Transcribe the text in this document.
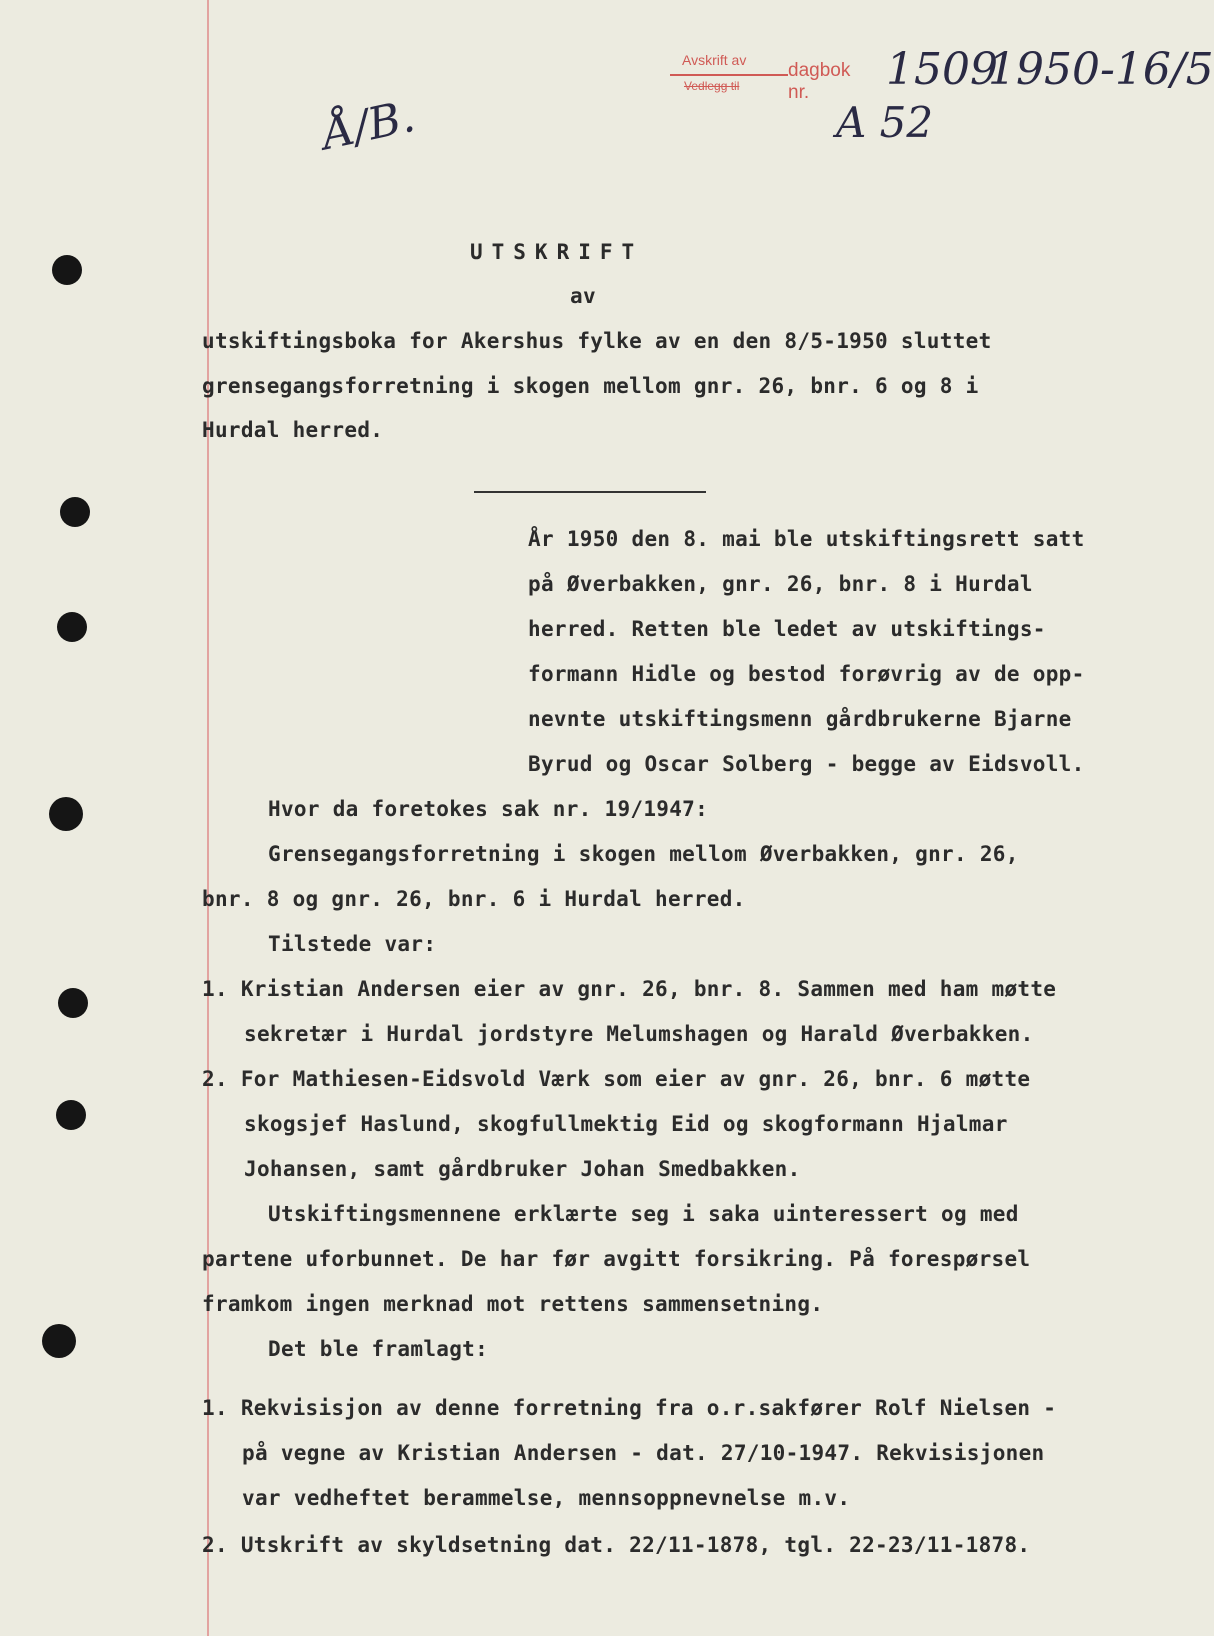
Avskrift av
Vedlegg til
dagbok nr.	1509
1950-16/5
A 52
Å/B.
UTSKRIFT
av
utskiftingsboka for Akershus fylke av en den 8/5-1950 sluttet
grensegangsforretning i skogen mellom gnr. 26, bnr. 6 og 8 i
Hurdal herred.
År 1950 den 8. mai ble utskiftingsrett satt
på Øverbakken, gnr. 26, bnr. 8 i Hurdal
herred. Retten ble ledet av utskiftings-
formann Hidle og bestod forøvrig av de opp-
nevnte utskiftingsmenn gårdbrukerne Bjarne
Byrud og Oscar Solberg - begge av Eidsvoll.
Hvor da foretokes sak nr. 19/1947:
Grensegangsforretning i skogen mellom Øverbakken, gnr. 26,
bnr. 8 og gnr. 26, bnr. 6 i Hurdal herred.
Tilstede var:
1. Kristian Andersen eier av gnr. 26, bnr. 8. Sammen med ham møtte
sekretær i Hurdal jordstyre Melumshagen og Harald Øverbakken.
2. For Mathiesen-Eidsvold Værk som eier av gnr. 26, bnr. 6 møtte
skogsjef Haslund, skogfullmektig Eid og skogformann Hjalmar
Johansen, samt gårdbruker Johan Smedbakken.
Utskiftingsmennene erklærte seg i saka uinteressert og med
partene uforbunnet. De har før avgitt forsikring. På forespørsel
framkom ingen merknad mot rettens sammensetning.
Det ble framlagt:
1. Rekvisisjon av denne forretning fra o.r.sakfører Rolf Nielsen -
på vegne av Kristian Andersen - dat. 27/10-1947. Rekvisisjonen
var vedheftet berammelse, mennsoppnevnelse m.v.
2. Utskrift av skyldsetning dat. 22/11-1878, tgl. 22-23/11-1878.
